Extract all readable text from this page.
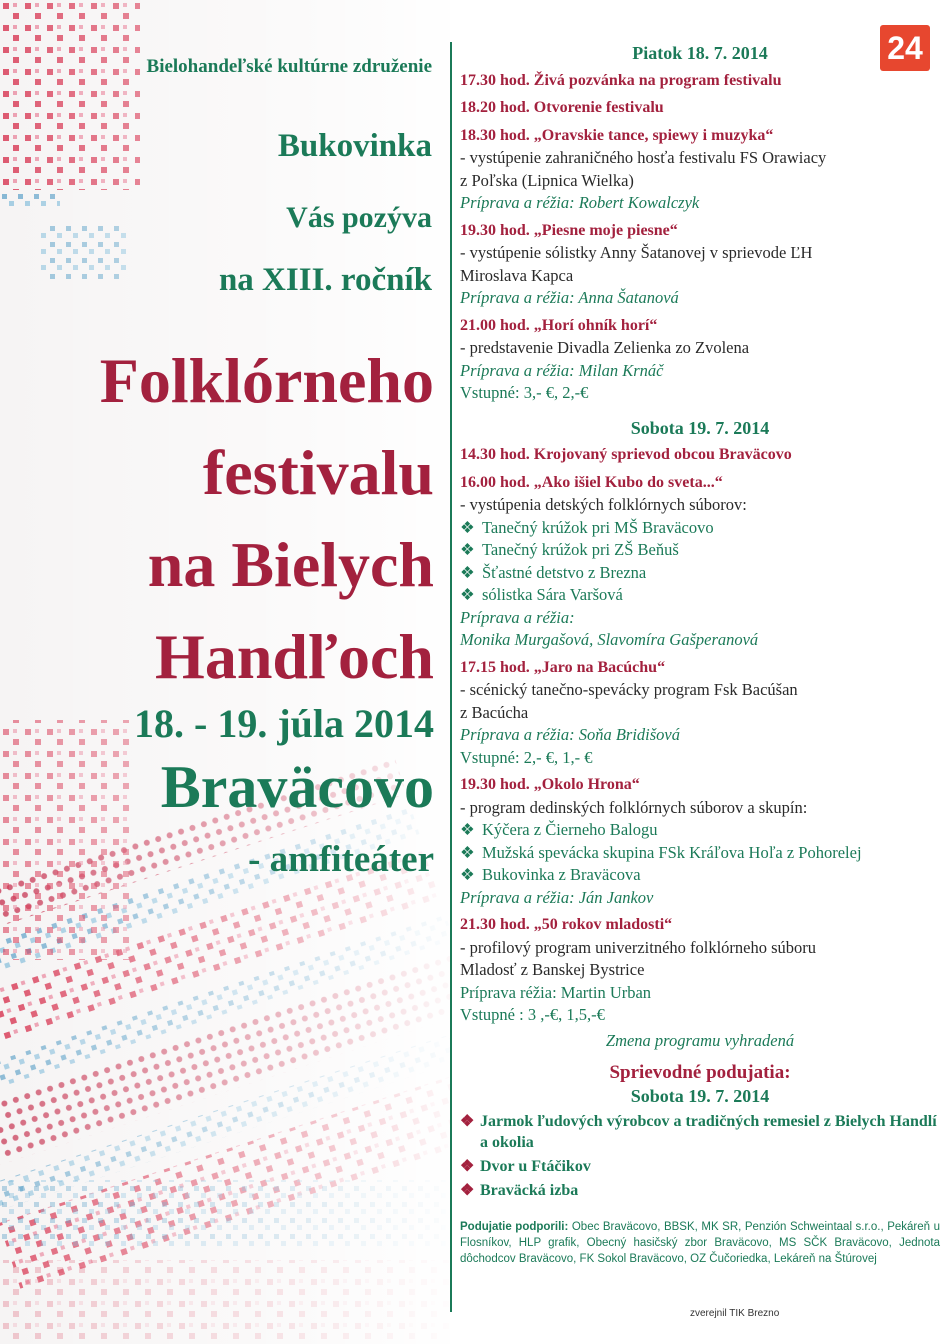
24
Bielohandeľské kultúrne združenie
Bukovinka
Vás pozýva
na XIII. ročník
Folklórneho
festivalu
na Bielych
Handľoch
18. - 19. júla 2014
Braväcovo
- amfiteáter
Piatok 18. 7. 2014
17.30 hod. Živá pozvánka na program festivalu
18.20 hod. Otvorenie festivalu
18.30 hod. „Oravskie tance, spiewy i muzyka“
- vystúpenie zahraničného hosťa festivalu FS Orawiacy
z Poľska (Lipnica Wielka)
Príprava a réžia: Robert Kowalczyk
19.30 hod. „Piesne moje piesne“
- vystúpenie sólistky Anny Šatanovej v sprievode ĽH
Miroslava Kapca
Príprava a réžia: Anna Šatanová
21.00 hod. „Horí ohník horí“
- predstavenie Divadla Zelienka zo Zvolena
Príprava a réžia: Milan Krnáč
Vstupné: 3,- €, 2,-€
Sobota 19. 7. 2014
14.30 hod. Krojovaný sprievod obcou Braväcovo
16.00 hod. „Ako išiel Kubo do sveta...“
- vystúpenia detských folklórnych súborov:
❖ Tanečný krúžok pri MŠ Braväcovo
❖ Tanečný krúžok pri ZŠ Beňuš
❖ Šťastné detstvo z Brezna
❖ sólistka Sára Varšová
Príprava a réžia:
Monika Murgašová, Slavomíra Gašperanová
17.15 hod. „Jaro na Bacúchu“
- scénický tanečno-spevácky program Fsk Bacúšan
z Bacúcha
Príprava a réžia: Soňa Bridišová
Vstupné: 2,- €, 1,- €
19.30 hod. „Okolo Hrona“
- program dedinských folklórnych súborov a skupín:
❖ Kýčera z Čierneho Balogu
❖ Mužská spevácka skupina FSk Kráľova Hoľa z Pohorelej
❖ Bukovinka z Braväcova
Príprava a réžia: Ján Jankov
21.30 hod. „50 rokov mladosti“
- profilový program univerzitného folklórneho súboru
Mladosť z Banskej Bystrice
Príprava réžia: Martin Urban
Vstupné : 3 ,-€, 1,5,-€
Zmena programu vyhradená
Sprievodné podujatia:
Sobota 19. 7. 2014
❖ Jarmok ľudových výrobcov a tradičných remesiel z Bielych Handlí a okolia
❖ Dvor u Ftáčikov
❖ Braväcká izba
Podujatie podporili: Obec Braväcovo, BBSK, MK SR, Penzión Schweintaal s.r.o., Pekáreň u Flosníkov, HLP grafik, Obecný hasičský zbor Braväcovo, MS SČK Braväcovo, Jednota dôchodcov Braväcovo, FK Sokol Braväcovo, OZ Čučoriedka, Lekáreň na Štúrovej
zverejnil TIK Brezno
